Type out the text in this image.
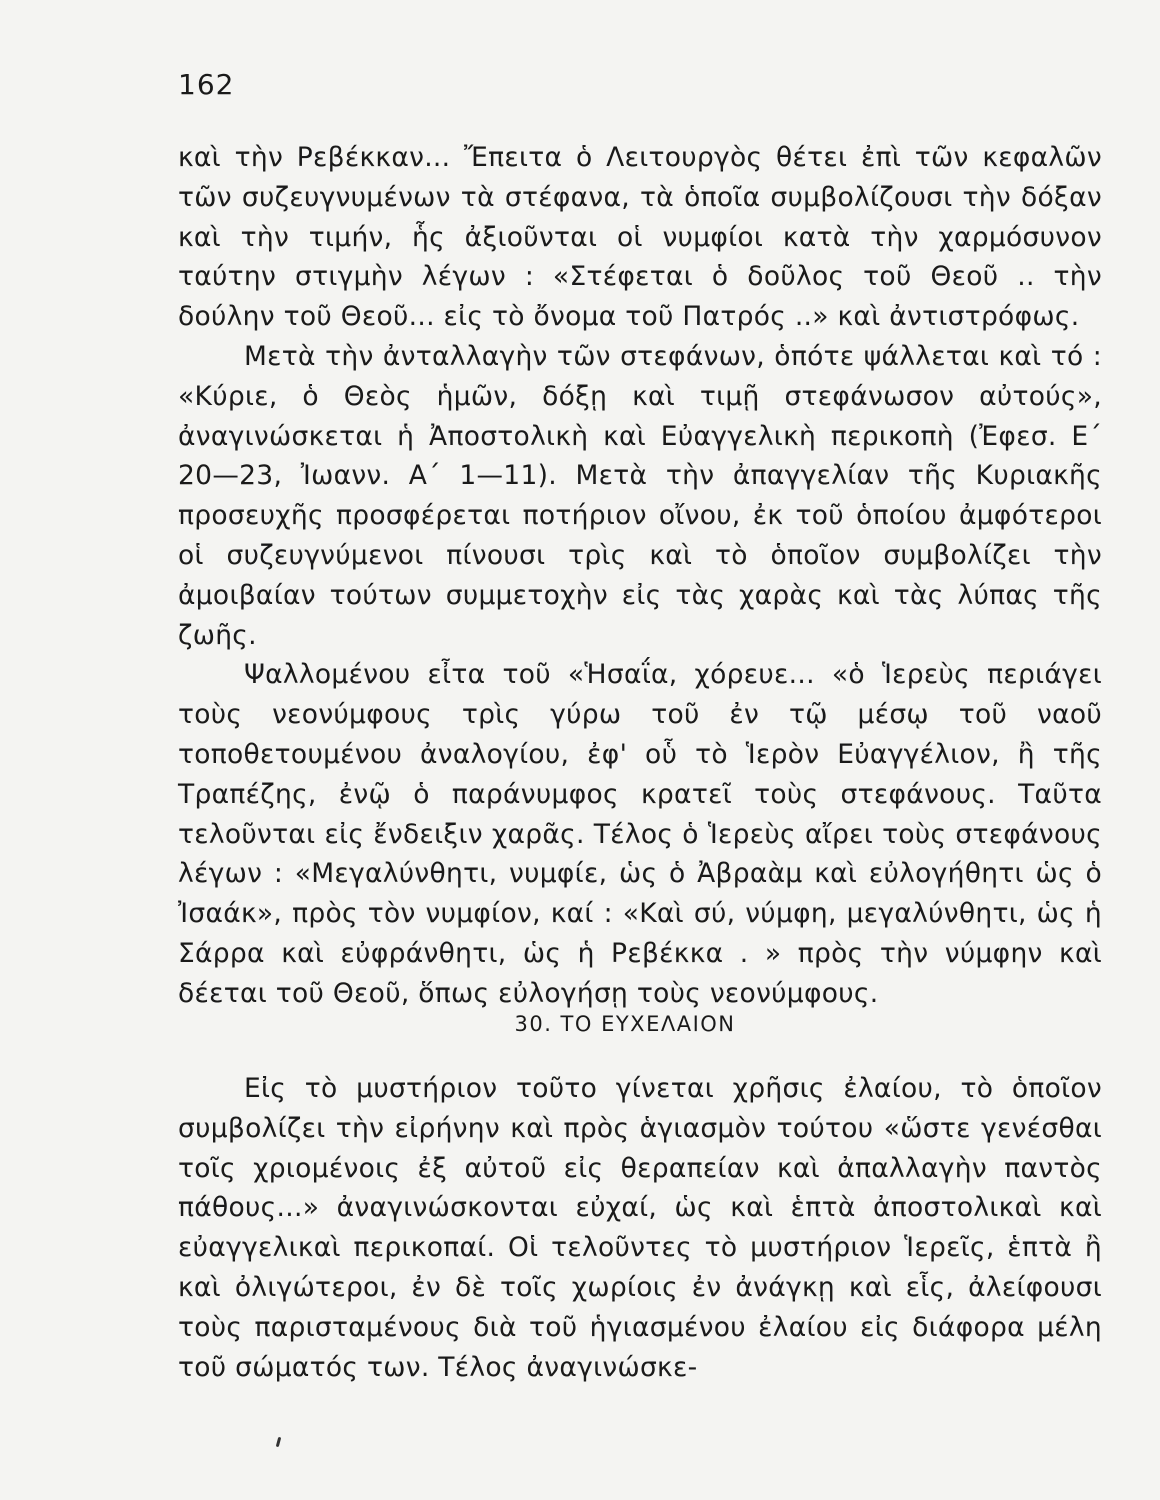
162

καὶ τὴν Ρεβέκκαν... Ἔπειτα ὁ Λειτουργὸς θέτει ἐπὶ τῶν κεφαλῶν τῶν συζευγνυμένων τὰ στέφανα, τὰ ὁποῖα συμβολίζουσι τὴν δόξαν καὶ τὴν τιμήν, ἧς ἀξιοῦνται οἱ νυμφίοι κατὰ τὴν χαρμόσυνον ταύτην στιγμὴν λέγων : «Στέφεται ὁ δοῦλος τοῦ Θεοῦ .. τὴν δούλην τοῦ Θεοῦ... εἰς τὸ ὄνομα τοῦ Πατρός ..» καὶ ἀντιστρόφως.

Μετὰ τὴν ἀνταλλαγὴν τῶν στεφάνων, ὁπότε ψάλλεται καὶ τό : «Κύριε, ὁ Θεὸς ἡμῶν, δόξῃ καὶ τιμῇ στεφάνωσον αὐτούς», ἀναγινώσκεται ἡ Ἀποστολικὴ καὶ Εὐαγγελικὴ περικοπὴ (Ἐφεσ. Ε΄ 20—23, Ἰωανν. Α΄ 1—11). Μετὰ τὴν ἀπαγγελίαν τῆς Κυριακῆς προσευχῆς προσφέρεται ποτήριον οἴνου, ἐκ τοῦ ὁποίου ἀμφότεροι οἱ συζευγνύμενοι πίνουσι τρὶς καὶ τὸ ὁποῖον συμβολίζει τὴν ἀμοιβαίαν τούτων συμμετοχὴν εἰς τὰς χαρὰς καὶ τὰς λύπας τῆς ζωῆς.

Ψαλλομένου εἶτα τοῦ «Ἡσαΐα, χόρευε... «ὁ Ἱερεὺς περιάγει τοὺς νεονύμφους τρὶς γύρω τοῦ ἐν τῷ μέσῳ τοῦ ναοῦ τοποθετουμένου ἀναλογίου, ἐφ' οὗ τὸ Ἱερὸν Εὐαγγέλιον, ἢ τῆς Τραπέζης, ἐνῷ ὁ παράνυμφος κρατεῖ τοὺς στεφάνους. Ταῦτα τελοῦνται εἰς ἔνδειξιν χαρᾶς. Τέλος ὁ Ἱερεὺς αἴρει τοὺς στεφάνους λέγων : «Μεγαλύνθητι, νυμφίε, ὡς ὁ Ἀβραὰμ καὶ εὐλογήθητι ὡς ὁ Ἰσαάκ», πρὸς τὸν νυμφίον, καί : «Καὶ σύ, νύμφη, μεγαλύνθητι, ὡς ἡ Σάρρα καὶ εὐφράνθητι, ὡς ἡ Ρεβέκκα . » πρὸς τὴν νύμφην καὶ δέεται τοῦ Θεοῦ, ὅπως εὐλογήσῃ τοὺς νεονύμφους.

30. ΤΟ ΕΥΧΕΛΑΙΟΝ

Εἰς τὸ μυστήριον τοῦτο γίνεται χρῆσις ἐλαίου, τὸ ὁποῖον συμβολίζει τὴν εἰρήνην καὶ πρὸς ἁγιασμὸν τούτου «ὥστε γενέσθαι τοῖς χριομένοις ἐξ αὐτοῦ εἰς θεραπείαν καὶ ἀπαλλαγὴν παντὸς πάθους...» ἀναγινώσκονται εὐχαί, ὡς καὶ ἑπτὰ ἀποστολικαὶ καὶ εὐαγγελικαὶ περικοπαί. Οἱ τελοῦντες τὸ μυστήριον Ἱερεῖς, ἑπτὰ ἢ καὶ ὀλιγώτεροι, ἐν δὲ τοῖς χωρίοις ἐν ἀνάγκῃ καὶ εἷς, ἀλείφουσι τοὺς παρισταμένους διὰ τοῦ ἡγιασμένου ἐλαίου εἰς διάφορα μέλη τοῦ σώματός των. Τέλος ἀναγινώσκε-
